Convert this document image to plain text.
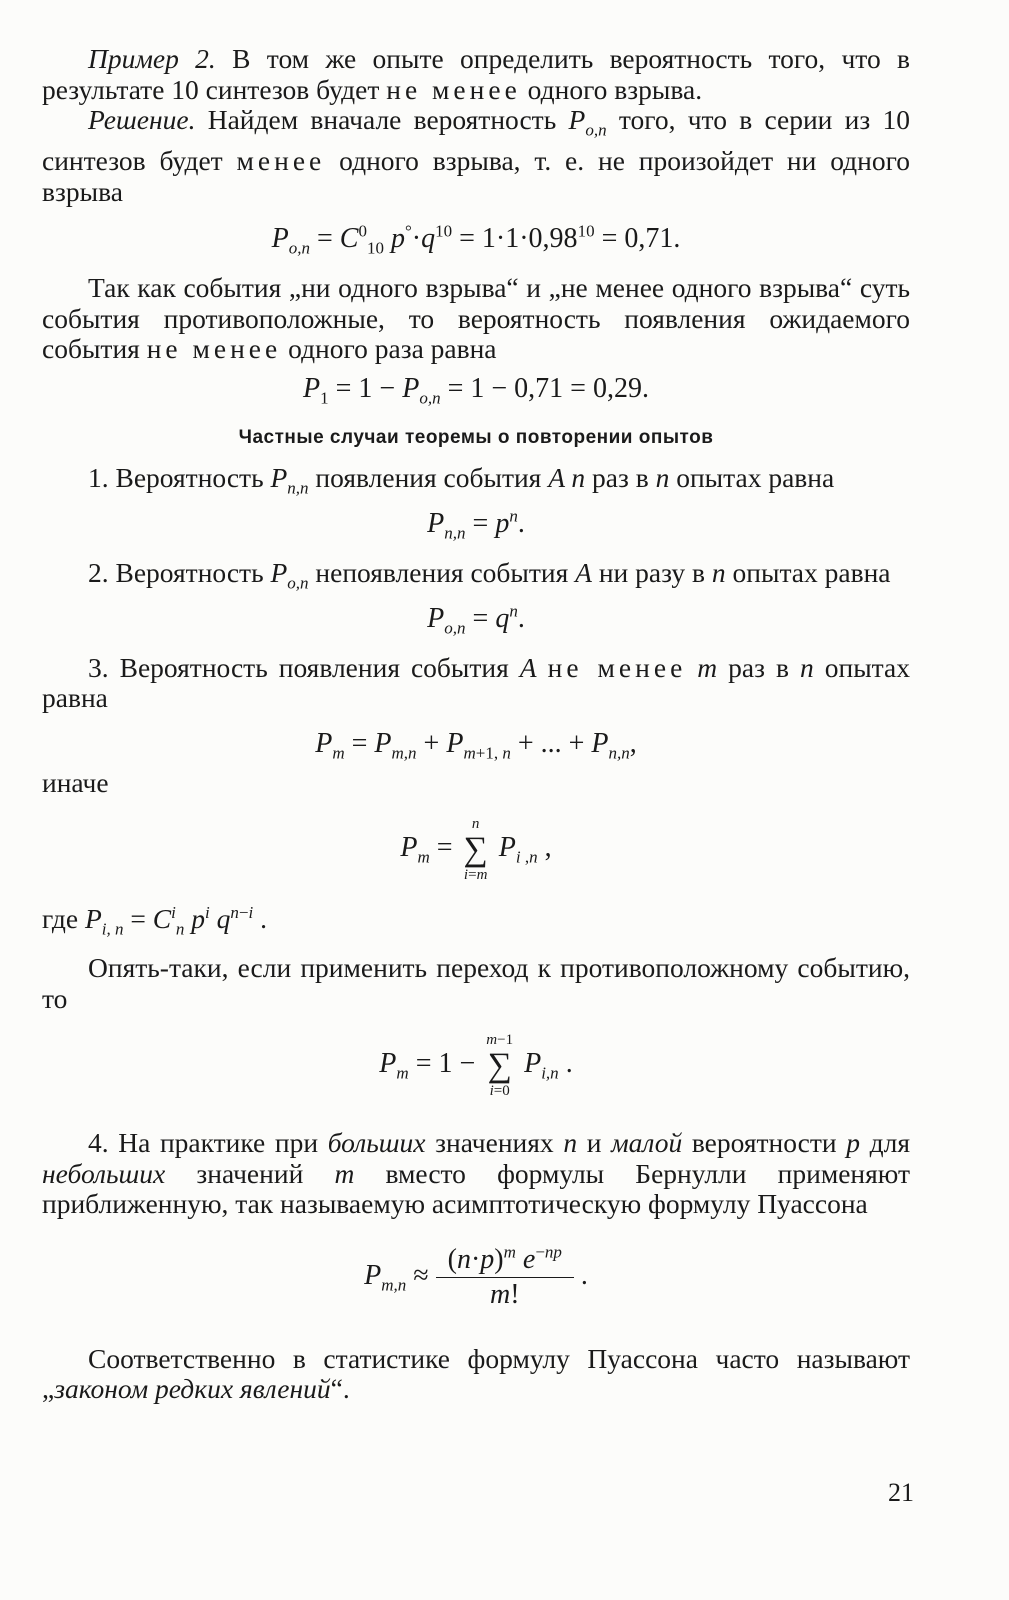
Пример 2. В том же опыте определить вероятность того, что в результате 10 синтезов будет не менее одного взрыва.

Решение. Найдем вначале вероятность $P_{o,n}$ того, что в серии из 10 синтезов будет менее одного взрыва, т. е. не произойдет ни одного взрыва

$P_{o,n} = C^0_{10}$ $p^\circ\cdot q^{10} = 1\cdot 1\cdot 0,98^{10} = 0,71$.

Так как события „ни одного взрыва“ и „не менее одного взрыва“ суть события противоположные, то вероятность появления ожидаемого события не менее одного раза равна

$P_1 = 1 - P_{o,n} = 1 - 0,71 = 0,29$.
Частные случаи теоремы о повторении опытов

1. Вероятность $P_{n,n}$ появления события A n раз в n опытах равна

$P_{n,n} = p^n$.

2. Вероятность $P_{o,n}$ непоявления события A ни разу в n опытах равна

$P_{o,n} = q^n$.

3. Вероятность появления события A не менее m раз в n опытах равна

$P_m = P_{m,n} + P_{m+1, n}$ + ... + $P_{n,n}$,

иначе

$P_m = n$
∑
i=m $P_{i ,n}$ ,

где $P_{i, n} = C^i_n$ $p^i$ $q^{n-i}$ .

Опять-таки, если применить переход к противоположному событию, то

$P_m = 1 - m-1$
∑
i=0 $P_{i,n}$ .

4. На практике при больших значениях n и малой вероятности p для небольших значений m вместо формулы Бернулли применяют приближенную, так называемую асимптотическую формулу Пуассона

$P_{m,n} \approx \frac{(n\cdot p)^m e^{-np}}{m!}$ .

Соответственно в статистике формулу Пуассона часто называют „законом редких явлений“.

21
